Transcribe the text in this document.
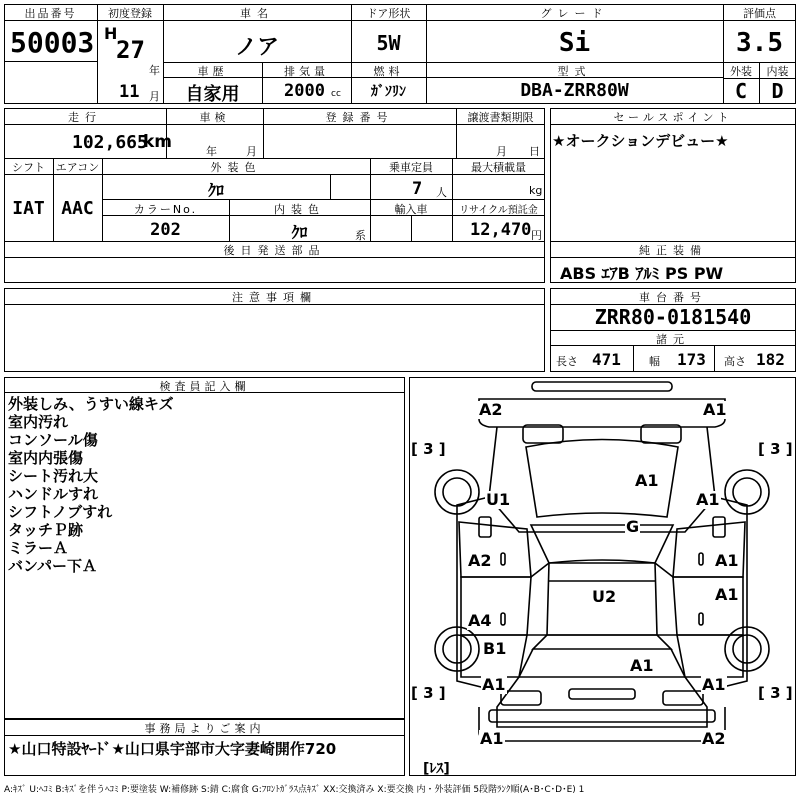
出品番号
50003
初度登録
H
27
年
11 月
車名
ノア
車歴
自家用
排気量
2000 cc
ドア形状
5W
燃料
ｶﾞｿﾘﾝ
グレード
Si
型式
DBA-ZRR80W
評価点
3.5
外装	内装
C	D
走行
102,665
km
車検
年	月
登録番号	譲渡書類期限
月 日
シフト
IAT
エアコン
AAC
外装色
ｸﾛ
乗車定員
7 人
最大積載量
kg
カラーNo.
202
内装色
ｸﾛ	系
輸入車	リサイクル預託金
12,470 円
セールスポイント
★オークションデビュー★
後日発送部品	純正装備
ABS ｴｱB ｱﾙﾐ PS PW
注意事項欄	車台番号
ZRR80-0181540
諸元
長さ 471	幅 173 高さ 182
検査員記入欄
外装しみ、うすい線キズ
室内汚れ
コンソール傷
室内内張傷
シート汚れ大
ハンドルすれ
シフトノブすれ
タッチＰ跡
ミラーＡ
バンパー下Ａ
事務局よりご案内
★山口特設ﾔｰﾄﾞ★山口県宇部市大字妻崎開作720
[ 3 ]	[ 3 ]
[ 3 ]	[ 3 ]
[ﾚｽ]
A2	A1
A1
U1	A1
G
A2	A1
U2	A1
A4
B1
A1
A1	A1
A1	A2
A:ｷｽﾞ U:ﾍｺﾐ B:ｷｽﾞを伴うﾍｺﾐ P:要塗装 W:補修跡 S:錆 C:腐食 G:ﾌﾛﾝﾄｶﾞﾗｽ点ｷｽﾞ XX:交換済み X:要交換 内・外装評価 5段階ﾗﾝｸ順(A･B･C･D･E) 1
